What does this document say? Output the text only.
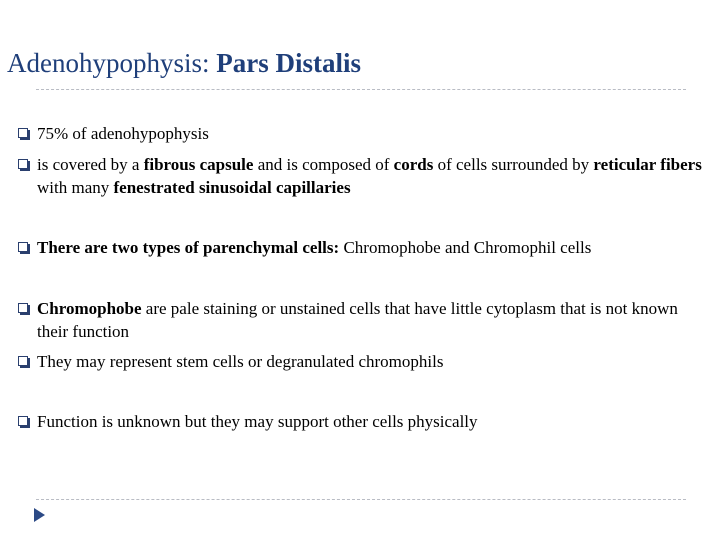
Adenohypophysis: Pars Distalis
75% of adenohypophysis
is covered by a fibrous capsule and is composed of cords of cells surrounded by reticular fibers with many fenestrated sinusoidal capillaries
There are two types of parenchymal cells: Chromophobe and Chromophil cells
Chromophobe are pale staining or unstained cells that have little cytoplasm that is not known their function
They may represent stem cells or degranulated chromophils
Function is unknown but they may support other cells physically
